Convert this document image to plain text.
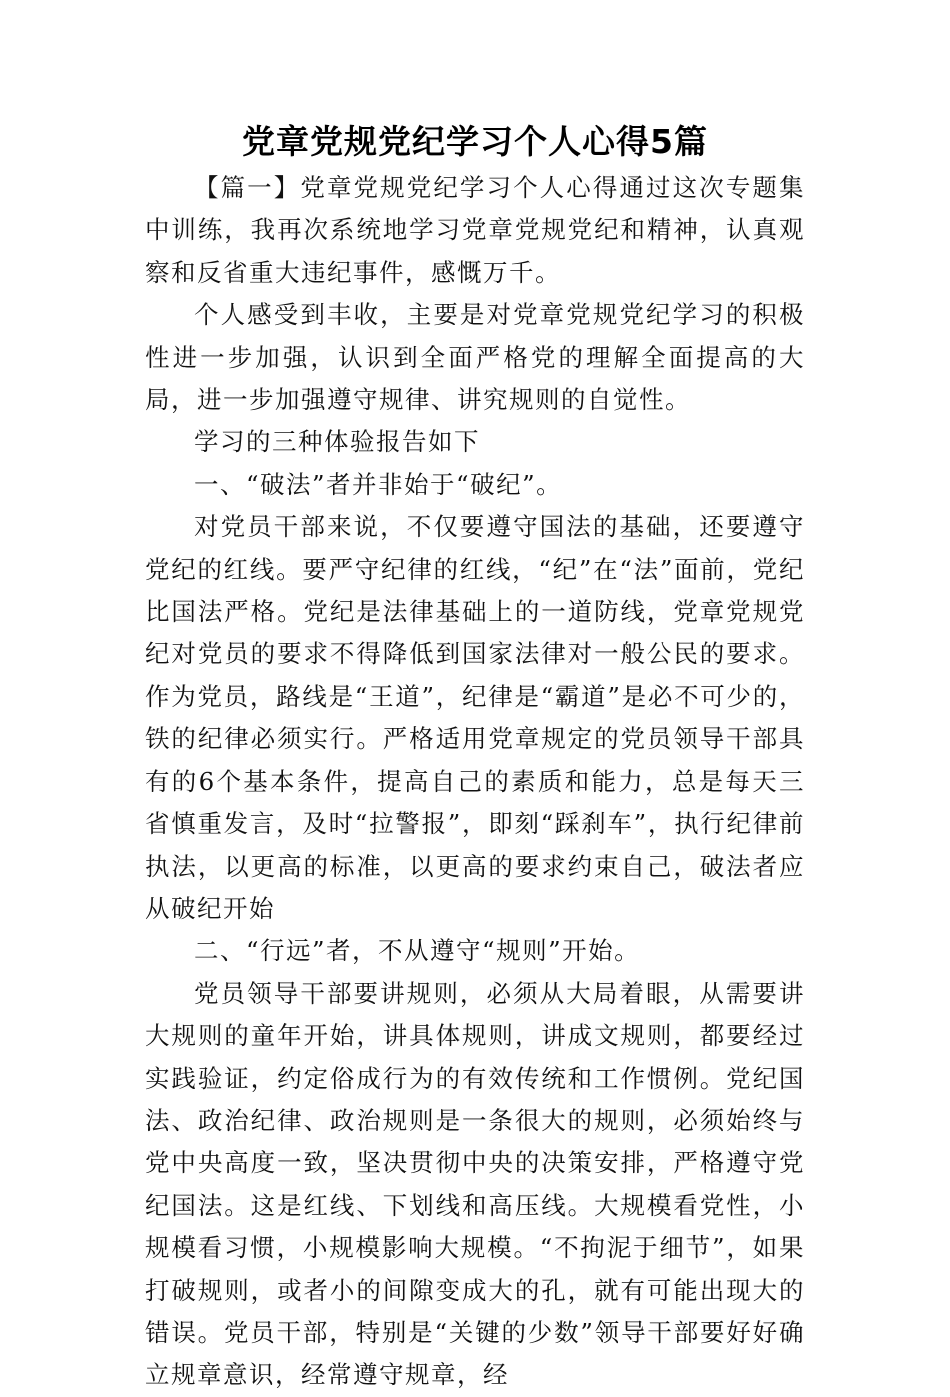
党章党规党纪学习个人心得5篇

【篇一】党章党规党纪学习个人心得通过这次专题集中训练，我再次系统地学习党章党规党纪和精神，认真观察和反省重大违纪事件，感慨万千。

个人感受到丰收，主要是对党章党规党纪学习的积极性进一步加强，认识到全面严格党的理解全面提高的大局，进一步加强遵守规律、讲究规则的自觉性。

学习的三种体验报告如下

一、“破法”者并非始于“破纪”。

对党员干部来说，不仅要遵守国法的基础，还要遵守党纪的红线。要严守纪律的红线，“纪”在“法”面前，党纪比国法严格。党纪是法律基础上的一道防线，党章党规党纪对党员的要求不得降低到国家法律对一般公民的要求。作为党员，路线是“王道”，纪律是“霸道”是必不可少的，铁的纪律必须实行。严格适用党章规定的党员领导干部具有的6个基本条件，提高自己的素质和能力，总是每天三省慎重发言，及时“拉警报”，即刻“踩刹车”，执行纪律前执法，以更高的标准，以更高的要求约束自己，破法者应从破纪开始

二、“行远”者，不从遵守“规则”开始。

党员领导干部要讲规则，必须从大局着眼，从需要讲大规则的童年开始，讲具体规则，讲成文规则，都要经过实践验证，约定俗成行为的有效传统和工作惯例。党纪国法、政治纪律、政治规则是一条很大的规则，必须始终与党中央高度一致，坚决贯彻中央的决策安排，严格遵守党纪国法。这是红线、下划线和高压线。大规模看党性，小规模看习惯，小规模影响大规模。“不拘泥于细节”，如果打破规则，或者小的间隙变成大的孔，就有可能出现大的错误。党员干部，特别是“关键的少数”领导干部要好好确立规章意识，经常遵守规章，经
